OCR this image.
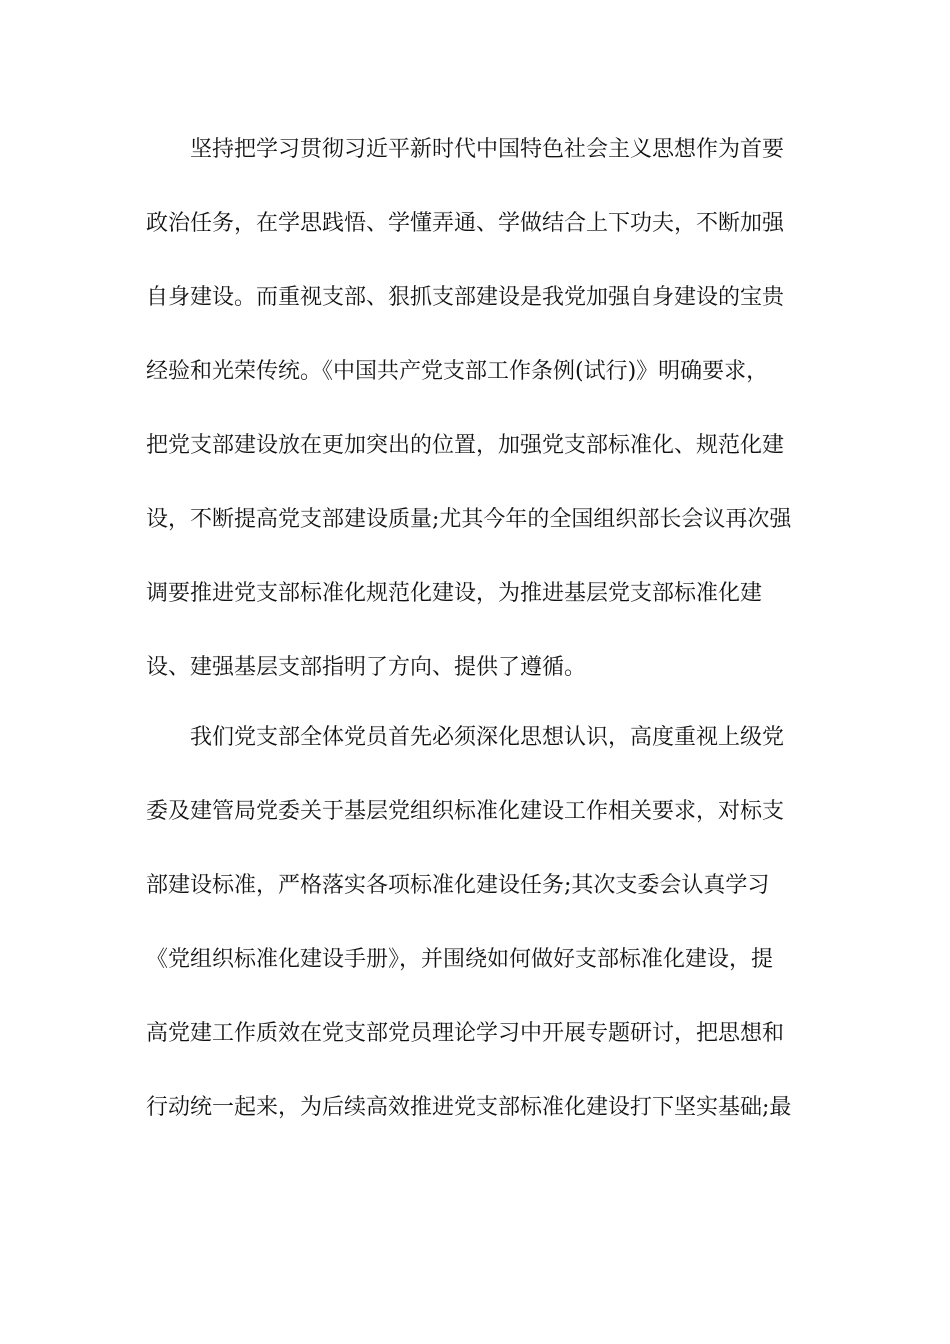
坚持把学习贯彻习近平新时代中国特色社会主义思想作为首要
政治任务，在学思践悟、学懂弄通、学做结合上下功夫，不断加强
自身建设。而重视支部、狠抓支部建设是我党加强自身建设的宝贵
经验和光荣传统。《中国共产党支部工作条例(试行)》明确要求，
把党支部建设放在更加突出的位置，加强党支部标准化、规范化建
设，不断提高党支部建设质量;尤其今年的全国组织部长会议再次强
调要推进党支部标准化规范化建设，为推进基层党支部标准化建
设、建强基层支部指明了方向、提供了遵循。
我们党支部全体党员首先必须深化思想认识，高度重视上级党
委及建管局党委关于基层党组织标准化建设工作相关要求，对标支
部建设标准，严格落实各项标准化建设任务;其次支委会认真学习
《党组织标准化建设手册》，并围绕如何做好支部标准化建设，提
高党建工作质效在党支部党员理论学习中开展专题研讨，把思想和
行动统一起来，为后续高效推进党支部标准化建设打下坚实基础;最
